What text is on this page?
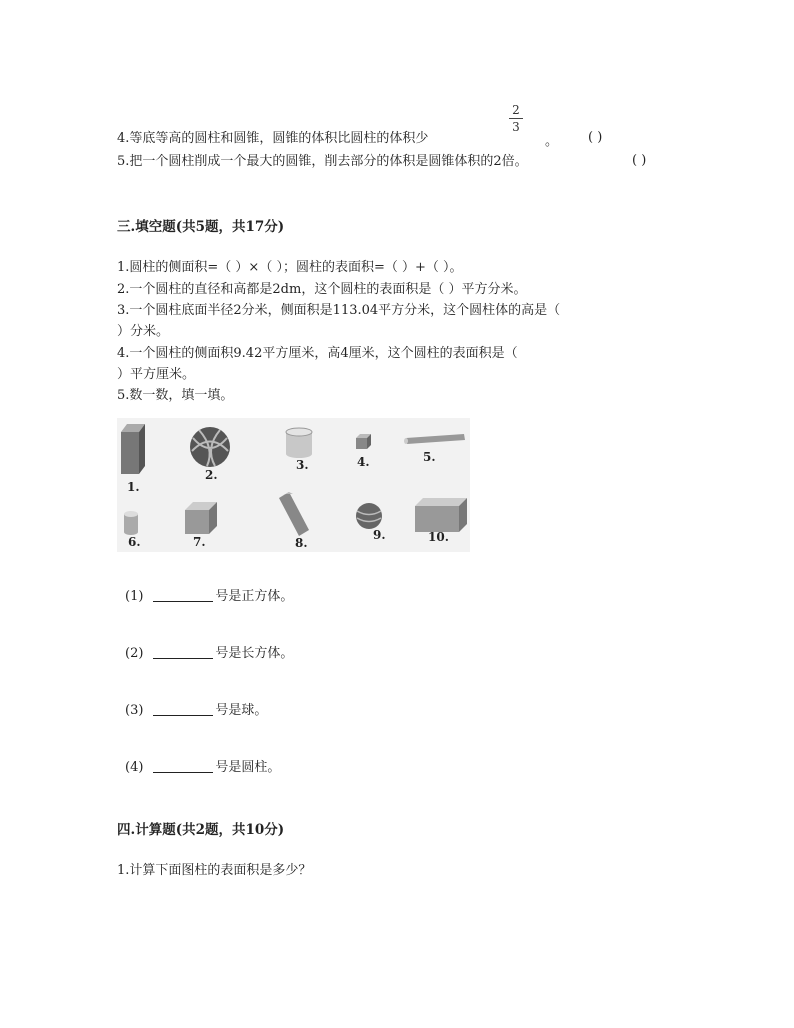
4.等底等高的圆柱和圆锥，圆锥的体积比圆柱的体积少
2
3
。 ( )
5.把一个圆柱削成一个最大的圆锥，削去部分的体积是圆锥体积的2倍。	( )
三.填空题(共5题，共17分)
1.圆柱的侧面积=（ ）×（ ）；圆柱的表面积=（ ）+（ ）。
2.一个圆柱的直径和高都是2dm，这个圆柱的表面积是（ ）平方分米。
3.一个圆柱底面半径2分米，侧面积是113.04平方分米，这个圆柱体的高是（
）分米。
4.一个圆柱的侧面积9.42平方厘米，高4厘米，这个圆柱的表面积是（
）平方厘米。
5.数一数，填一填。
1.
2.
3.	4.	5.
6.	7.	8.
9.	10.
(1)	号是正方体。
(2)	号是长方体。
(3)	号是球。
(4)	号是圆柱。
四.计算题(共2题，共10分)
1.计算下面图柱的表面积是多少？
